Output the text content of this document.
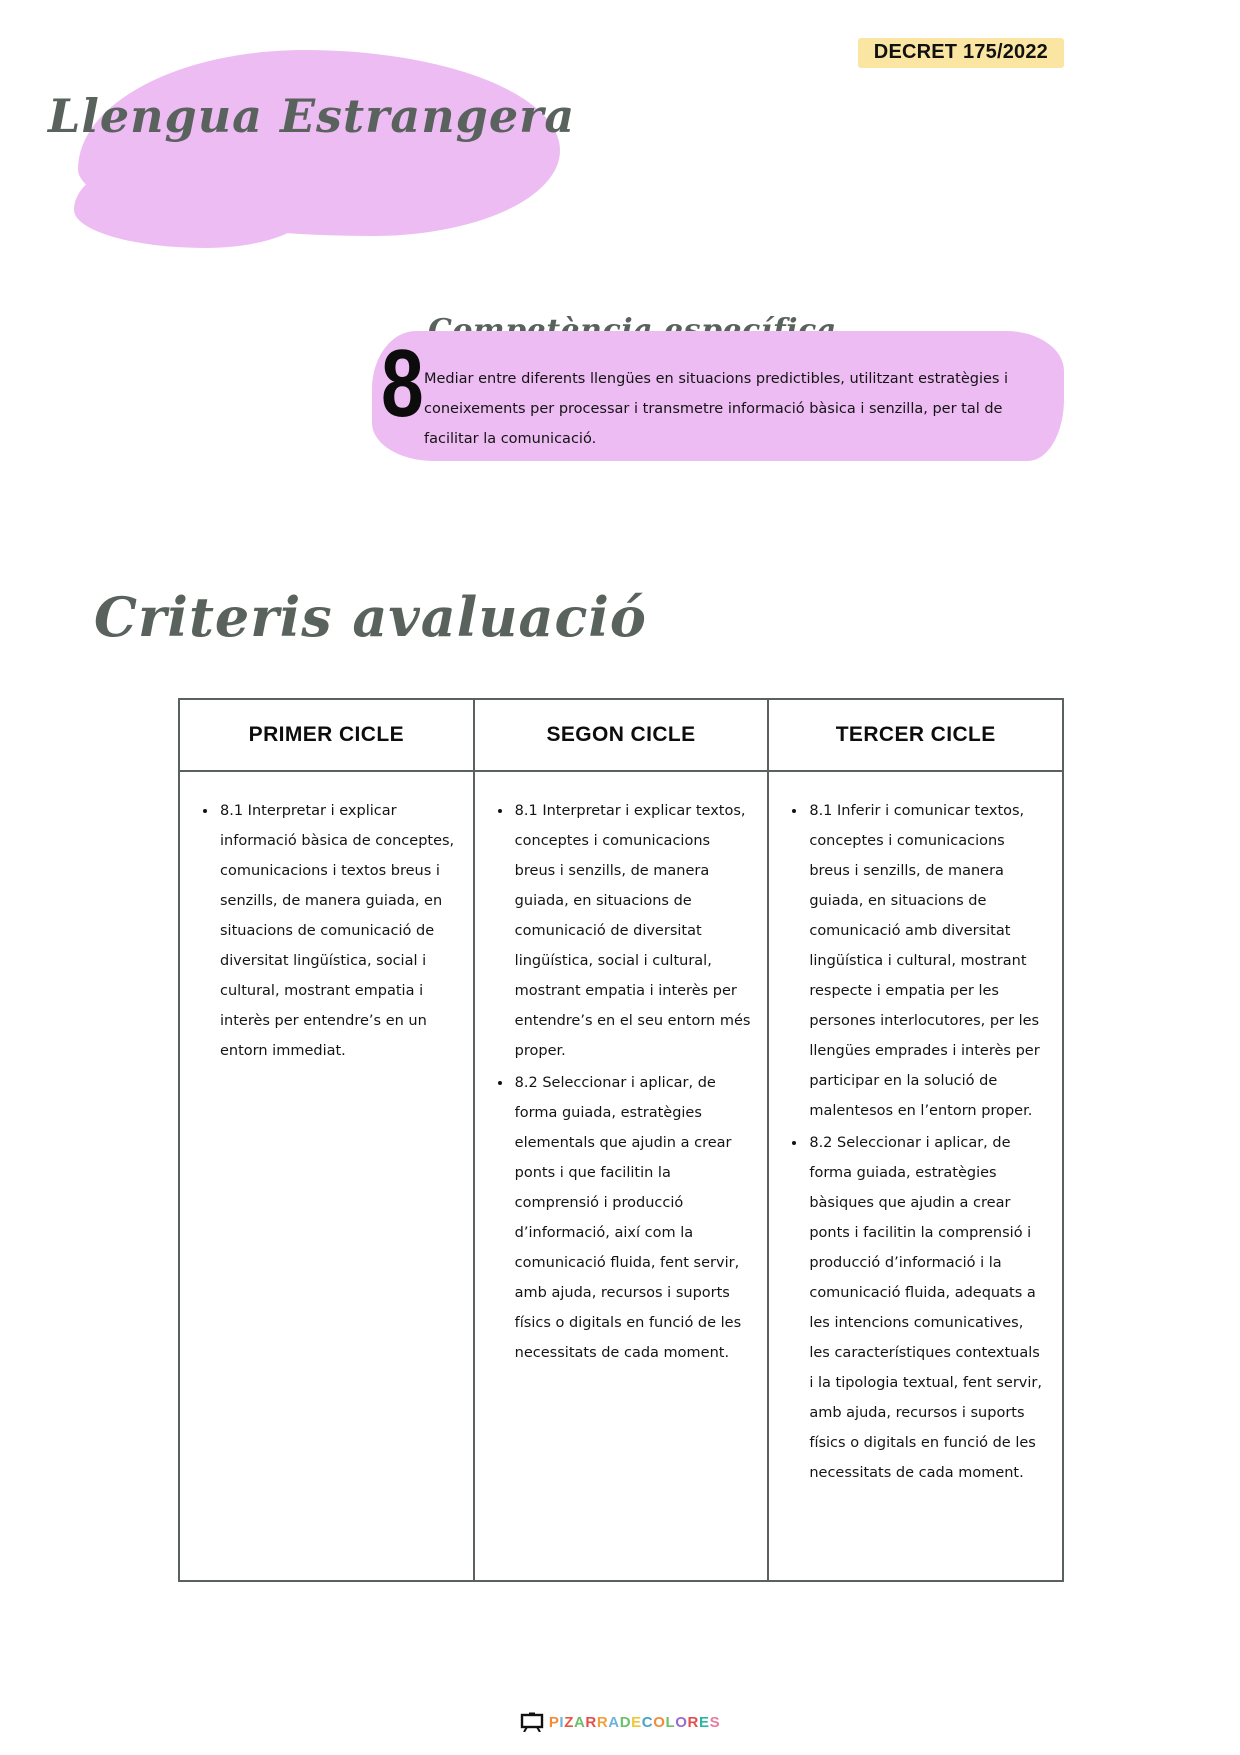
DECRET 175/2022
Llengua Estrangera
8 Mediar entre diferents llengües en situacions predictibles, utilitzant estratègies i coneixements per processar i transmetre informació bàsica i senzilla, per tal de facilitar la comunicació.

Criteris avaluació
PRIMER CICLE
• 8.1 Interpretar i explicar informació bàsica de conceptes, comunicacions i textos breus i senzills, de manera guiada, en situacions de comunicació de diversitat lingüística, social i cultural, mostrant empatia i interès per entendre’s en un entorn immediat.
SEGON CICLE
• 8.1 Interpretar i explicar textos, conceptes i comunicacions breus i senzills, de manera guiada, en situacions de comunicació de diversitat lingüística, social i cultural, mostrant empatia i interès per entendre’s en el seu entorn més proper.
• 8.2 Seleccionar i aplicar, de forma guiada, estratègies elementals que ajudin a crear ponts i que facilitin la comprensió i producció d’informació, així com la comunicació fluida, fent servir, amb ajuda, recursos i suports físics o digitals en funció de les necessitats de cada moment.
TERCER CICLE
• 8.1 Inferir i comunicar textos, conceptes i comunicacions breus i senzills, de manera guiada, en situacions de comunicació amb diversitat lingüística i cultural, mostrant respecte i empatia per les persones interlocutores, per les llengües emprades i interès per participar en la solució de malentesos en l’entorn proper.
• 8.2 Seleccionar i aplicar, de forma guiada, estratègies bàsiques que ajudin a crear ponts i facilitin la comprensió i producció d’informació i la comunicació fluida, adequats a les intencions comunicatives, les característiques contextuals i la tipologia textual, fent servir, amb ajuda, recursos i suports físics o digitals en funció de les necessitats de cada moment.
PIZARRADECOLORES
